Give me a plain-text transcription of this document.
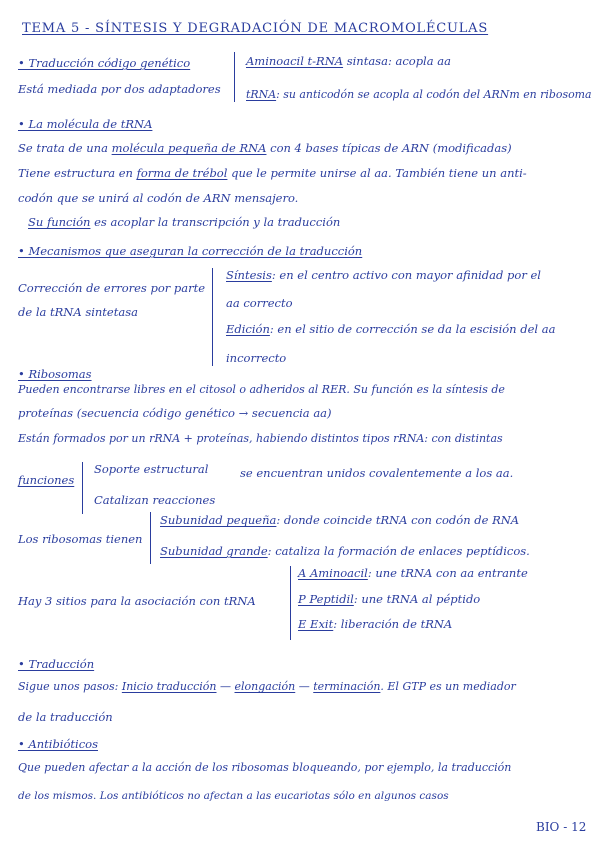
TEMA 5 - SÍNTESIS Y DEGRADACIÓN DE MACROMOLÉCULAS
• Traducción código genético
Está mediada por dos adaptadores
Aminoacil t-RNA sintasa: acopla aa
tRNA: su anticodón se acopla al codón del ARNm en ribosoma
• La molécula de tRNA
Se trata de una molécula pequeña de RNA con 4 bases típicas de ARN (modificadas)
Tiene estructura en forma de trébol que le permite unirse al aa. También tiene un anti-
codón que se unirá al codón de ARN mensajero.
Su función es acoplar la transcripción y la traducción
• Mecanismos que aseguran la corrección de la traducción
Corrección de errores por parte
de la tRNA sintetasa
Síntesis: en el centro activo con mayor afinidad por el
aa correcto
Edición: en el sitio de corrección se da la escisión del aa
incorrecto
• Ribosomas
Pueden encontrarse libres en el citosol o adheridos al RER. Su función es la síntesis de
proteínas (secuencia código genético → secuencia aa)
Están formados por un rRNA + proteínas, habiendo distintos tipos rRNA: con distintas
funciones
Soporte estructural
Catalizan reacciones
se encuentran unidos covalentemente a los aa.
Los ribosomas tienen
Subunidad pequeña: donde coincide tRNA con codón de RNA
Subunidad grande: cataliza la formación de enlaces peptídicos.
Hay 3 sitios para la asociación con tRNA
A Aminoacil: une tRNA con aa entrante
P Peptidil: une tRNA al péptido
E Exit: liberación de tRNA
• Traducción
Sigue unos pasos: Inicio traducción — elongación — terminación. El GTP es un mediador
de la traducción
• Antibióticos
Que pueden afectar a la acción de los ribosomas bloqueando, por ejemplo, la traducción
de los mismos. Los antibióticos no afectan a las eucariotas sólo en algunos casos
BIO - 12
